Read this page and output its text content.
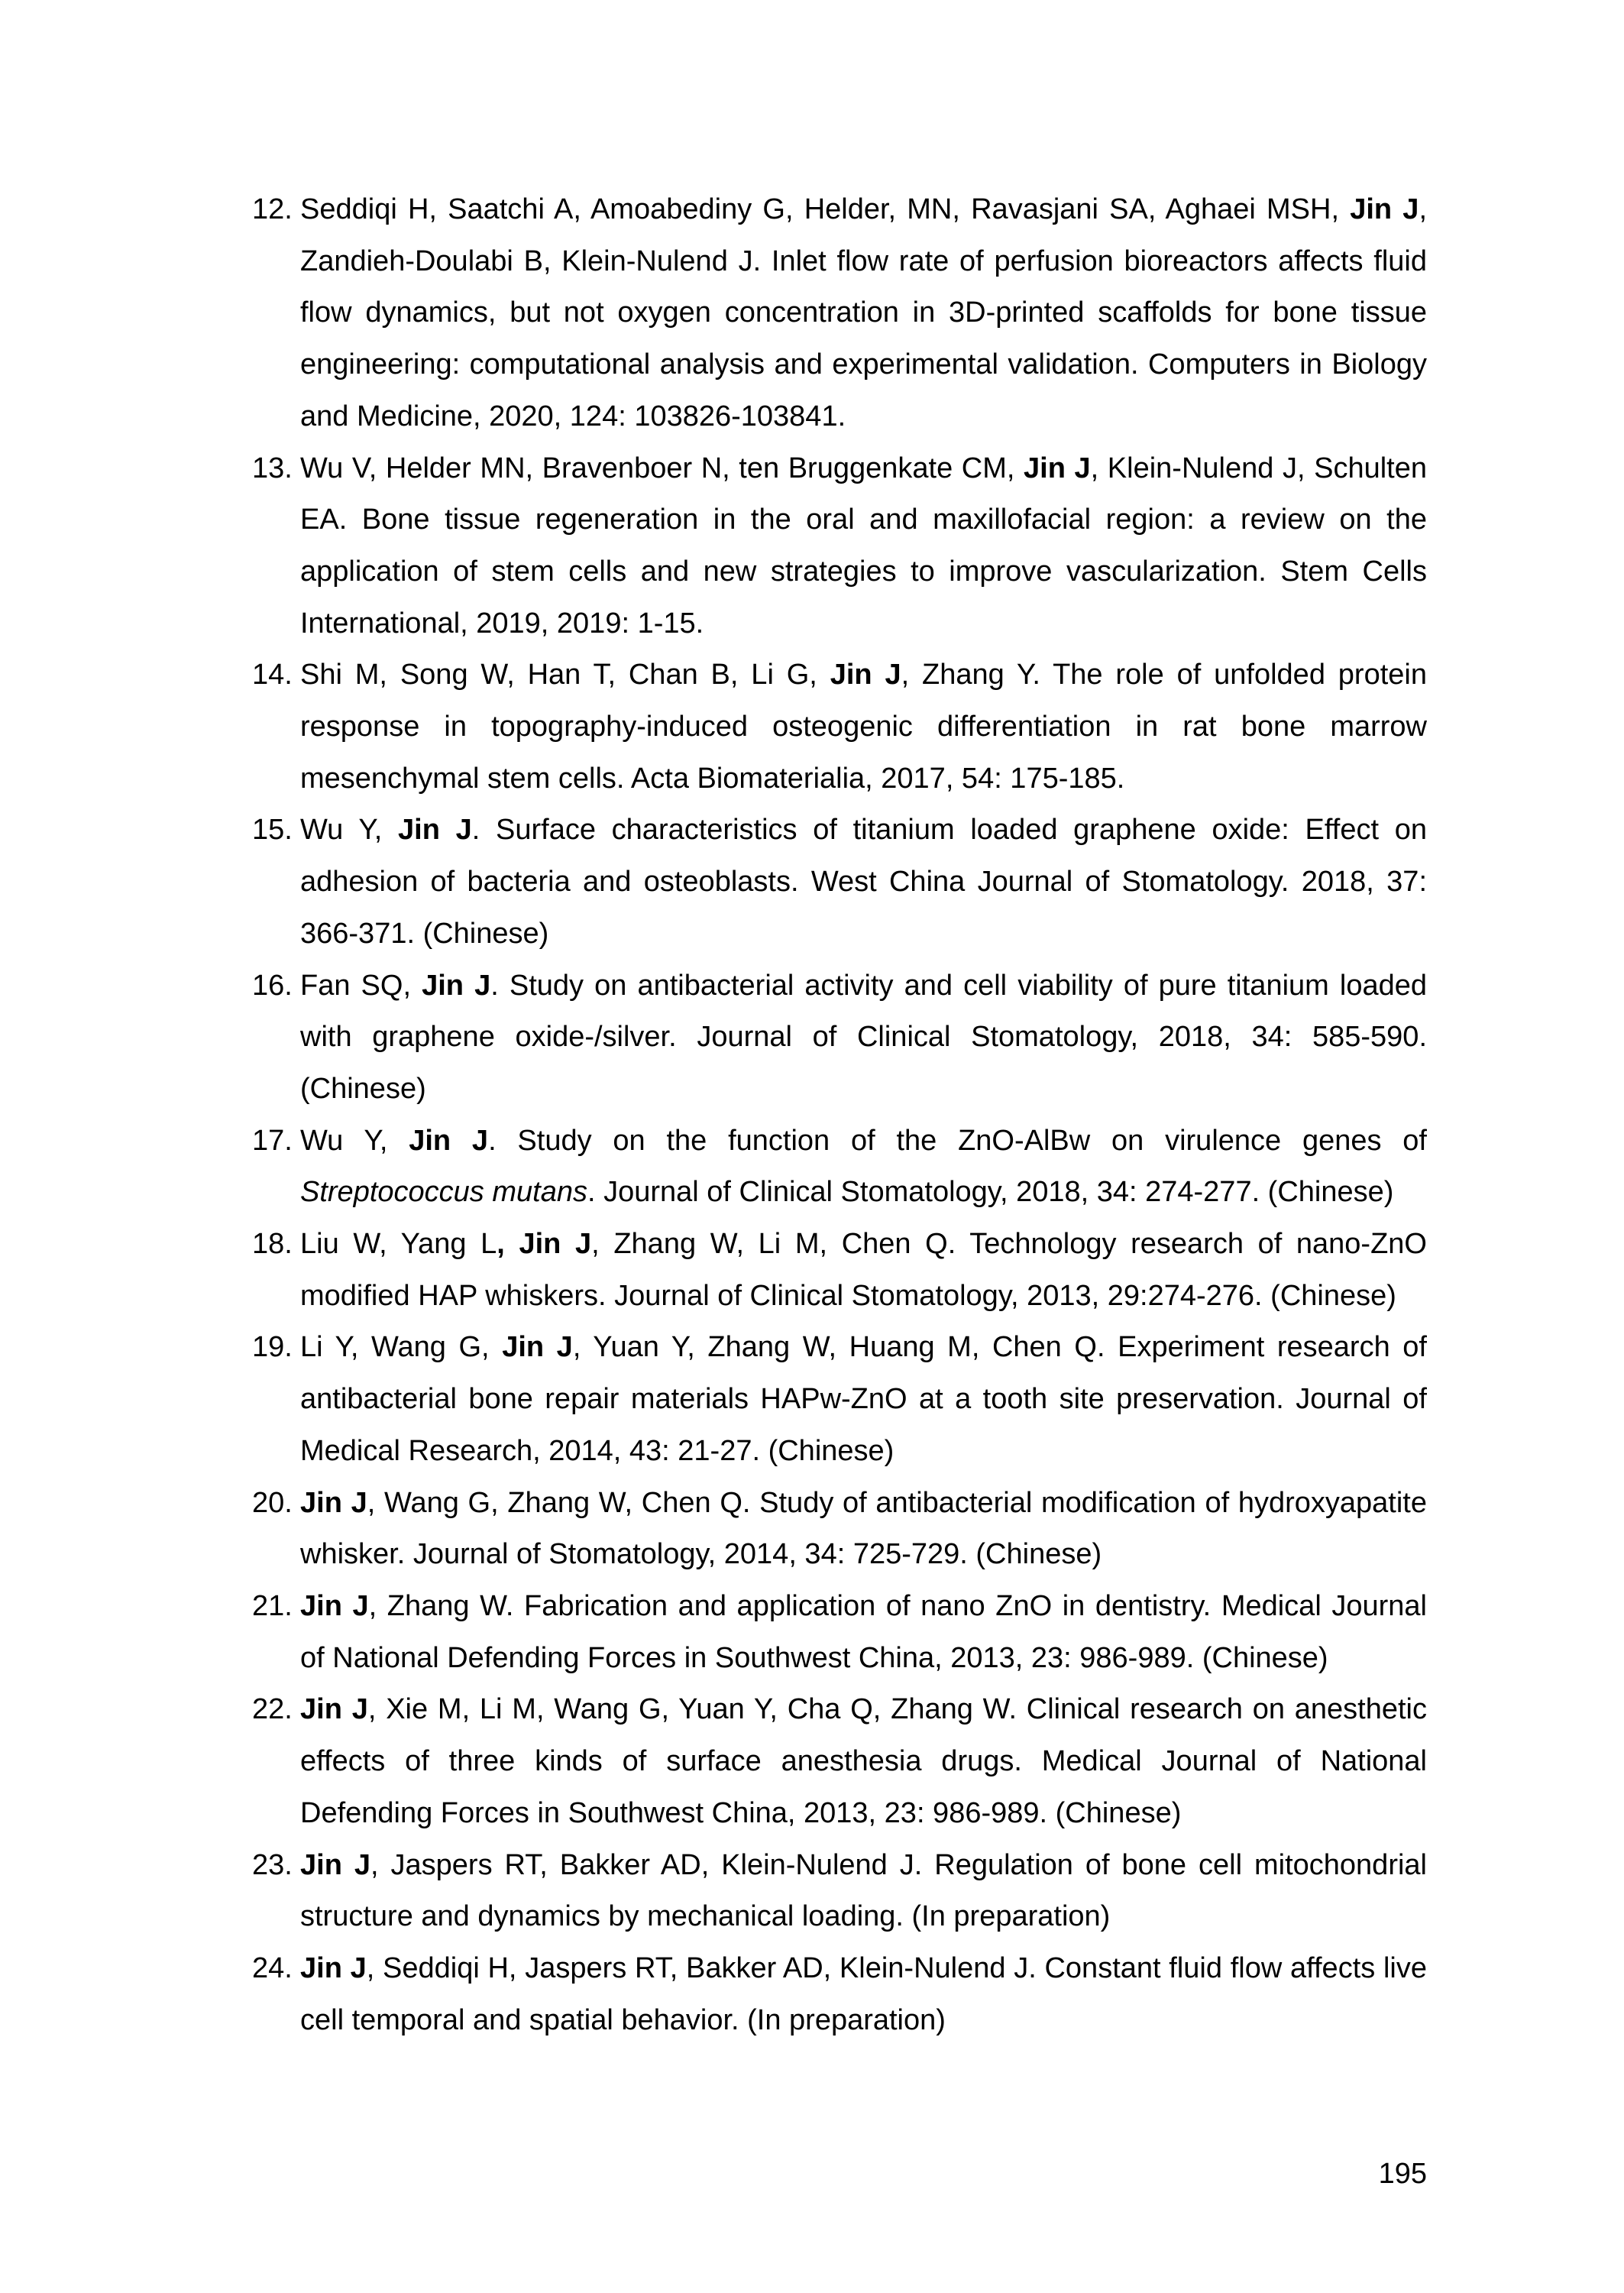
12. Seddiqi H, Saatchi A, Amoabediny G, Helder, MN, Ravasjani SA, Aghaei MSH, Jin J, Zandieh-Doulabi B, Klein-Nulend J. Inlet flow rate of perfusion bioreactors affects fluid flow dynamics, but not oxygen concentration in 3D-printed scaffolds for bone tissue engineering: computational analysis and experimental validation. Computers in Biology and Medicine, 2020, 124: 103826-103841.
13. Wu V, Helder MN, Bravenboer N, ten Bruggenkate CM, Jin J, Klein-Nulend J, Schulten EA. Bone tissue regeneration in the oral and maxillofacial region: a review on the application of stem cells and new strategies to improve vascularization. Stem Cells International, 2019, 2019: 1-15.
14. Shi M, Song W, Han T, Chan B, Li G, Jin J, Zhang Y. The role of unfolded protein response in topography-induced osteogenic differentiation in rat bone marrow mesenchymal stem cells. Acta Biomaterialia, 2017, 54: 175-185.
15. Wu Y, Jin J. Surface characteristics of titanium loaded graphene oxide: Effect on adhesion of bacteria and osteoblasts. West China Journal of Stomatology. 2018, 37: 366-371. (Chinese)
16. Fan SQ, Jin J. Study on antibacterial activity and cell viability of pure titanium loaded with graphene oxide-/silver. Journal of Clinical Stomatology, 2018, 34: 585-590. (Chinese)
17. Wu Y, Jin J. Study on the function of the ZnO-AlBw on virulence genes of Streptococcus mutans. Journal of Clinical Stomatology, 2018, 34: 274-277. (Chinese)
18. Liu W, Yang L, Jin J, Zhang W, Li M, Chen Q. Technology research of nano-ZnO modified HAP whiskers. Journal of Clinical Stomatology, 2013, 29:274-276. (Chinese)
19. Li Y, Wang G, Jin J, Yuan Y, Zhang W, Huang M, Chen Q. Experiment research of antibacterial bone repair materials HAPw-ZnO at a tooth site preservation. Journal of Medical Research, 2014, 43: 21-27. (Chinese)
20. Jin J, Wang G, Zhang W, Chen Q. Study of antibacterial modification of hydroxyapatite whisker. Journal of Stomatology, 2014, 34: 725-729. (Chinese)
21. Jin J, Zhang W. Fabrication and application of nano ZnO in dentistry. Medical Journal of National Defending Forces in Southwest China, 2013, 23: 986-989. (Chinese)
22. Jin J, Xie M, Li M, Wang G, Yuan Y, Cha Q, Zhang W. Clinical research on anesthetic effects of three kinds of surface anesthesia drugs. Medical Journal of National Defending Forces in Southwest China, 2013, 23: 986-989. (Chinese)
23. Jin J, Jaspers RT, Bakker AD, Klein-Nulend J. Regulation of bone cell mitochondrial structure and dynamics by mechanical loading. (In preparation)
24. Jin J, Seddiqi H, Jaspers RT, Bakker AD, Klein-Nulend J. Constant fluid flow affects live cell temporal and spatial behavior. (In preparation)
195
